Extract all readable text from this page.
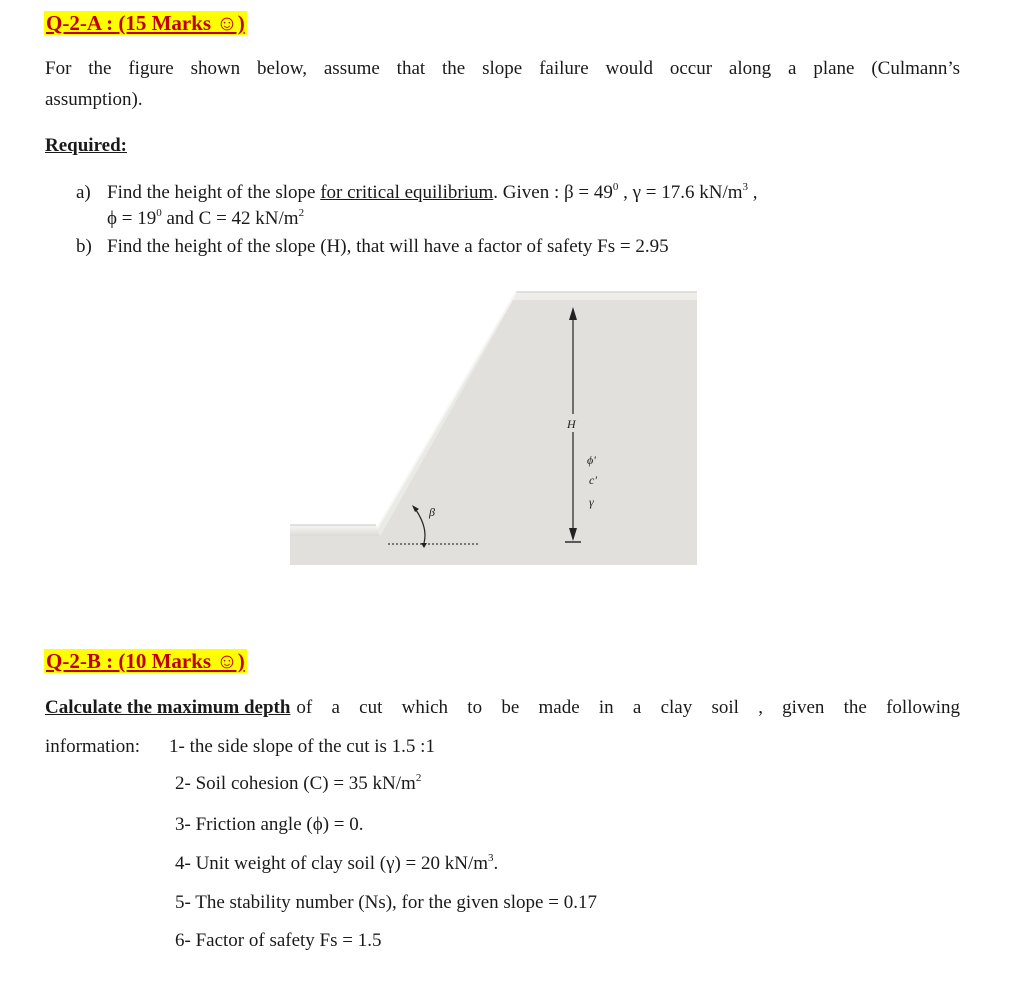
Q-2-A : (15 Marks ☺)
For the figure shown below, assume that the slope failure would occur along a plane (Culmann’s
assumption).
Required:
a) Find the height of the slope for critical equilibrium. Given : $\beta = 49^0$ , γ = 17.6 $kN/m^3$ ,
$\phi = 19^0$ and C = 42 $kN/m^2$
b) Find the height of the slope (H), that will have a factor of safety Fs = 2.95
β
H
ϕ'
c'
γ
Q-2-B : (10 Marks ☺)
Calculate the maximum depth of a cut which to be made in a clay soil , given the following
information: 1- the side slope of the cut is 1.5 :1
2- Soil cohesion (C) = 35 $kN/m^2$
3- Friction angle (ϕ) = 0.
4- Unit weight of clay soil (γ) = 20 $kN/m^3$.
5- The stability number (Ns), for the given slope = 0.17
6- Factor of safety Fs = 1.5
